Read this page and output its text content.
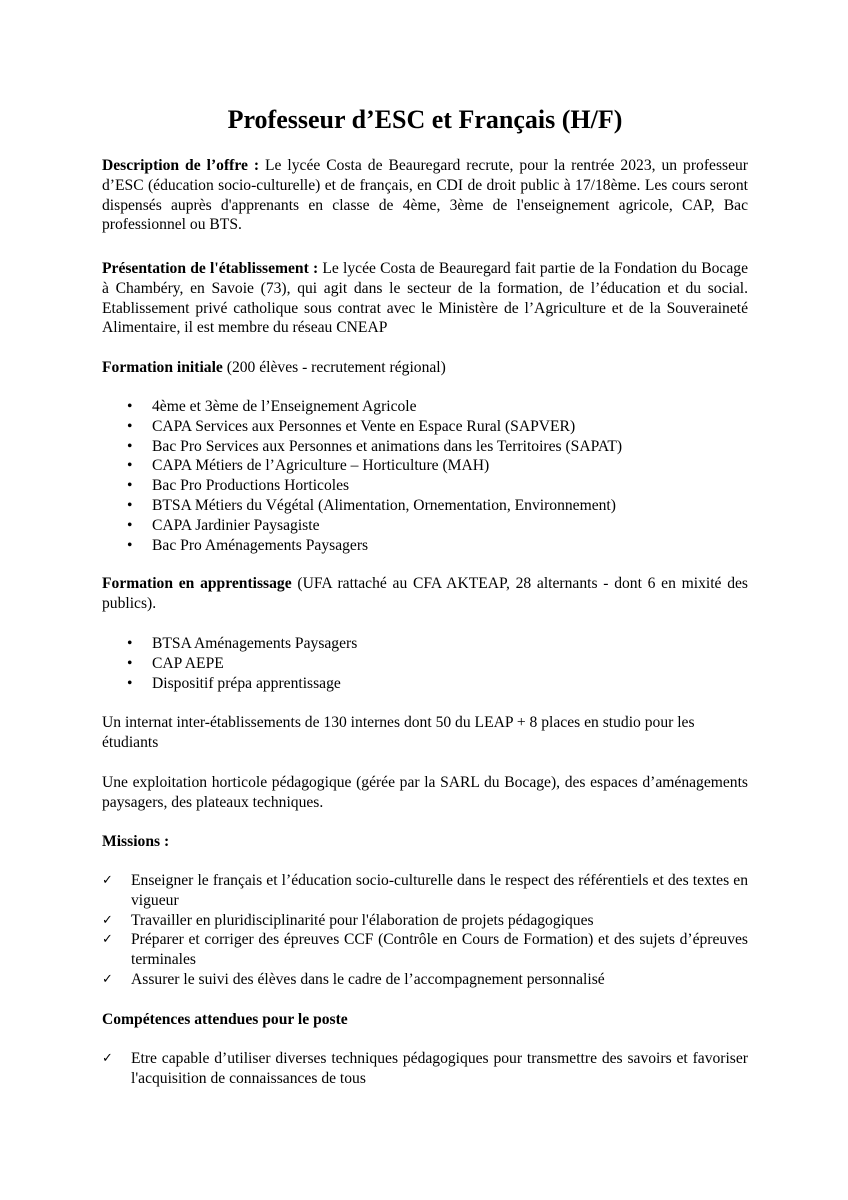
Professeur d’ESC et Français (H/F)

Description de l’offre : Le lycée Costa de Beauregard recrute, pour la rentrée 2023, un professeur d’ESC (éducation socio-culturelle) et de français, en CDI de droit public à 17/18ème. Les cours seront dispensés auprès d'apprenants en classe de 4ème, 3ème de l'enseignement agricole, CAP, Bac professionnel ou BTS.

Présentation de l'établissement : Le lycée Costa de Beauregard fait partie de la Fondation du Bocage à Chambéry, en Savoie (73), qui agit dans le secteur de la formation, de l’éducation et du social. Etablissement privé catholique sous contrat avec le Ministère de l’Agriculture et de la Souveraineté Alimentaire, il est membre du réseau CNEAP

Formation initiale (200 élèves - recrutement régional)

• 4ème et 3ème de l’Enseignement Agricole
• CAPA Services aux Personnes et Vente en Espace Rural (SAPVER)
• Bac Pro Services aux Personnes et animations dans les Territoires (SAPAT)
• CAPA Métiers de l’Agriculture – Horticulture (MAH)
• Bac Pro Productions Horticoles
• BTSA Métiers du Végétal (Alimentation, Ornementation, Environnement)
• CAPA Jardinier Paysagiste
• Bac Pro Aménagements Paysagers

Formation en apprentissage (UFA rattaché au CFA AKTEAP, 28 alternants - dont 6 en mixité des publics).

• BTSA Aménagements Paysagers
• CAP AEPE
• Dispositif prépa apprentissage

Un internat inter-établissements de 130 internes dont 50 du LEAP + 8 places en studio pour les étudiants

Une exploitation horticole pédagogique (gérée par la SARL du Bocage), des espaces d’aménagements paysagers, des plateaux techniques.

Missions :

✓ Enseigner le français et l’éducation socio-culturelle dans le respect des référentiels et des textes en vigueur
✓ Travailler en pluridisciplinarité pour l'élaboration de projets pédagogiques
✓ Préparer et corriger des épreuves CCF (Contrôle en Cours de Formation) et des sujets d’épreuves terminales
✓ Assurer le suivi des élèves dans le cadre de l’accompagnement personnalisé

Compétences attendues pour le poste

✓ Etre capable d’utiliser diverses techniques pédagogiques pour transmettre des savoirs et favoriser l'acquisition de connaissances de tous
